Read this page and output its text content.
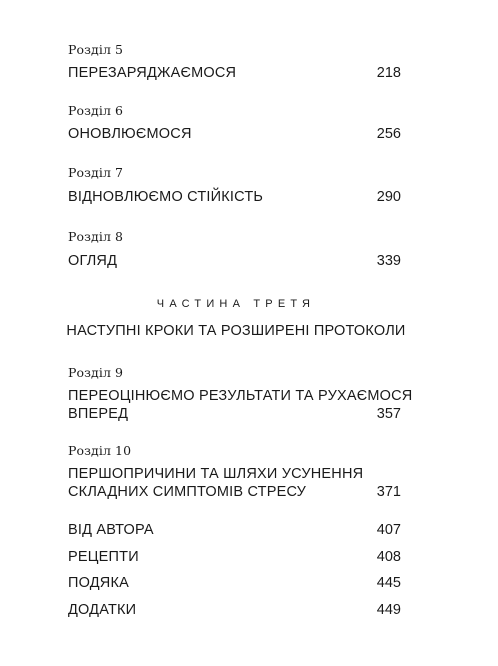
Розділ 5
ПЕРЕЗАРЯДЖАЄМОСЯ	218
Розділ 6
ОНОВЛЮЄМОСЯ	256
Розділ 7
ВІДНОВЛЮЄМО СТІЙКІСТЬ	290
Розділ 8
ОГЛЯД	339
ЧАСТИНА ТРЕТЯ
НАСТУПНІ КРОКИ ТА РОЗШИРЕНІ ПРОТОКОЛИ
Розділ 9
ПЕРЕОЦІНЮЄМО РЕЗУЛЬТАТИ ТА РУХАЄМОСЯ
ВПЕРЕД	357
Розділ 10
ПЕРШОПРИЧИНИ ТА ШЛЯХИ УСУНЕННЯ
СКЛАДНИХ СИМПТОМІВ СТРЕСУ	371
ВІД АВТОРА	407
РЕЦЕПТИ	408
ПОДЯКА	445
ДОДАТКИ	449
